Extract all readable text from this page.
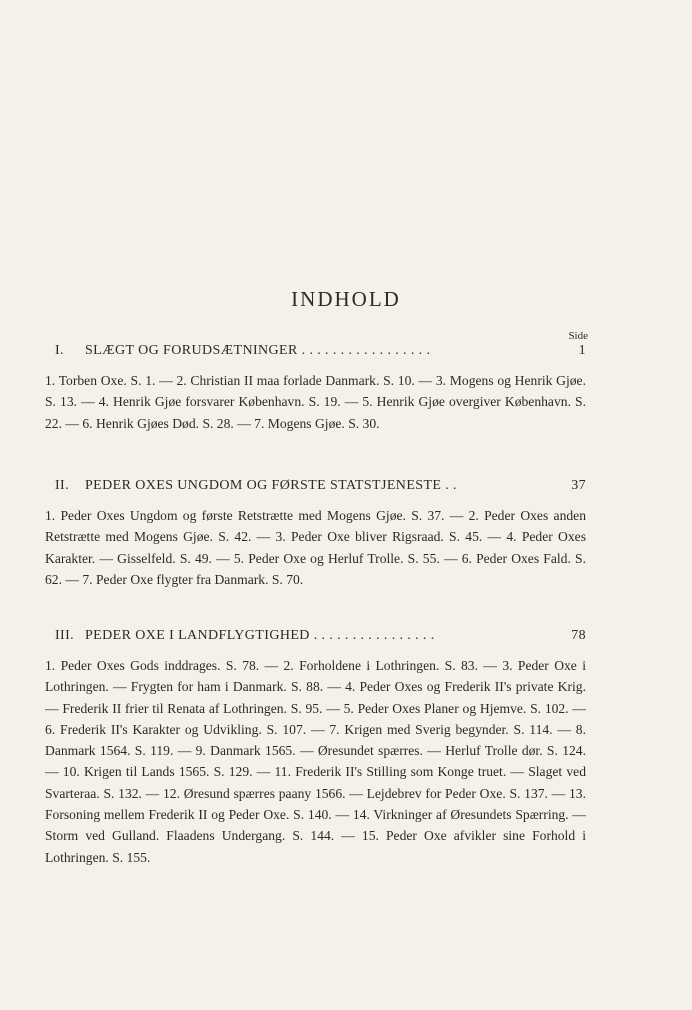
INDHOLD
Side
I.	SLÆGT OG FORUDSÆTNINGER . . . . . . . . . . . . . . . . .	1
1. Torben Oxe. S. 1. — 2. Christian II maa forlade Danmark. S. 10. — 3. Mogens og Henrik Gjøe. S. 13. — 4. Henrik Gjøe forsvarer København. S. 19. — 5. Henrik Gjøe overgiver København. S. 22. — 6. Henrik Gjøes Død. S. 28. — 7. Mogens Gjøe. S. 30.
II.	PEDER OXES UNGDOM OG FØRSTE STATSTJENESTE . .	37
1. Peder Oxes Ungdom og første Retstrætte med Mogens Gjøe. S. 37. — 2. Peder Oxes anden Retstrætte med Mogens Gjøe. S. 42. — 3. Peder Oxe bliver Rigsraad. S. 45. — 4. Peder Oxes Karakter. — Gisselfeld. S. 49. — 5. Peder Oxe og Herluf Trolle. S. 55. — 6. Peder Oxes Fald. S. 62. — 7. Peder Oxe flygter fra Danmark. S. 70.
III. PEDER OXE I LANDFLYGTIGHED . . . . . . . . . . . . . . . .	78
1. Peder Oxes Gods inddrages. S. 78. — 2. Forholdene i Lothringen. S. 83. — 3. Peder Oxe i Lothringen. — Frygten for ham i Danmark. S. 88. — 4. Peder Oxes og Frederik II's private Krig. — Frederik II frier til Renata af Lothringen. S. 95. — 5. Peder Oxes Planer og Hjemve. S. 102. — 6. Frederik II's Karakter og Udvikling. S. 107. — 7. Krigen med Sverig begynder. S. 114. — 8. Danmark 1564. S. 119. — 9. Danmark 1565. — Øresundet spærres. — Herluf Trolle dør. S. 124. — 10. Krigen til Lands 1565. S. 129. — 11. Frederik II's Stilling som Konge truet. — Slaget ved Svarteraa. S. 132. — 12. Øresund spærres paany 1566. — Lejdebrev for Peder Oxe. S. 137. — 13. Forsoning mellem Frederik II og Peder Oxe. S. 140. — 14. Virkninger af Øresundets Spærring. — Storm ved Gulland. Flaadens Undergang. S. 144. — 15. Peder Oxe afvikler sine Forhold i Lothringen. S. 155.
